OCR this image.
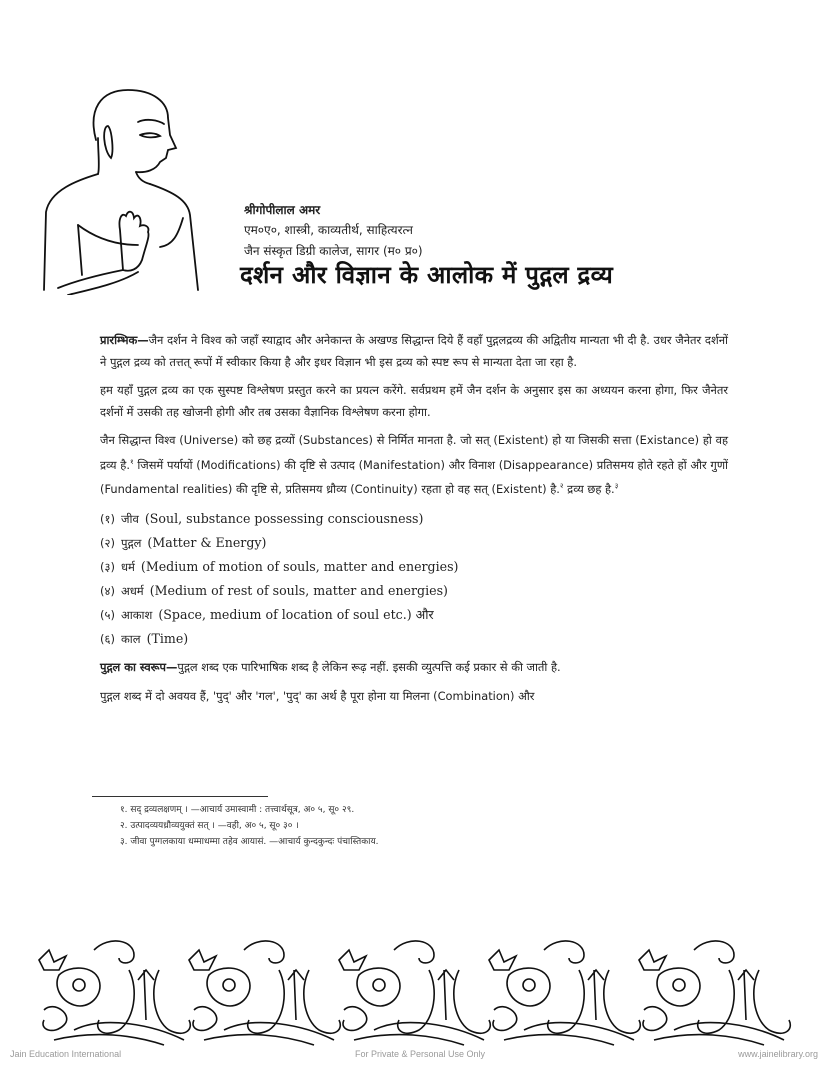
श्रीगोपीलाल अमर
एम०ए०, शास्त्री, काव्यतीर्थ, साहित्यरत्न
जैन संस्कृत डिग्री कालेज, सागर (म० प्र०)
दर्शन और विज्ञान के आलोक में पुद्गल द्रव्य

प्रारम्भिक—जैन दर्शन ने विश्व को जहाँ स्याद्वाद और अनेकान्त के अखण्ड सिद्धान्त दिये हैं वहाँ पुद्गलद्रव्य की अद्वितीय मान्यता भी दी है. उधर जैनेतर दर्शनों ने पुद्गल द्रव्य को तत्तत् रूपों में स्वीकार किया है और इधर विज्ञान भी इस द्रव्य को स्पष्ट रूप से मान्यता देता जा रहा है.

हम यहाँ पुद्गल द्रव्य का एक सुस्पष्ट विश्लेषण प्रस्तुत करने का प्रयत्न करेंगे. सर्वप्रथम हमें जैन दर्शन के अनुसार इस का अध्ययन करना होगा, फिर जैनेतर दर्शनों में उसकी तह खोजनी होगी और तब उसका वैज्ञानिक विश्लेषण करना होगा.

जैन सिद्धान्त विश्व (Universe) को छह द्रव्यों (Substances) से निर्मित मानता है. जो सत् (Existent) हो या जिसकी सत्ता (Existance) हो वह द्रव्य है.$^१$ जिसमें पर्यायों (Modifications) की दृष्टि से उत्पाद (Manifestation) और विनाश (Disappearance) प्रतिसमय होते रहते हों और गुणों (Fundamental realities) की दृष्टि से, प्रतिसमय ध्रौव्य (Continuity) रहता हो वह सत् (Existent) है.$^२$ द्रव्य छह है.$^३$

(१) जीव (Soul, substance possessing consciousness)
(२) पुद्गल (Matter & Energy)
(३) धर्म (Medium of motion of souls, matter and energies)
(४) अधर्म (Medium of rest of souls, matter and energies)
(५) आकाश (Space, medium of location of soul etc.) और
(६) काल (Time)

पुद्गल का स्वरूप—पुद्गल शब्द एक पारिभाषिक शब्द है लेकिन रूढ़ नहीं. इसकी व्युत्पत्ति कई प्रकार से की जाती है.

पुद्गल शब्द में दो अवयव हैं, 'पुद्' और 'गल', 'पुद्' का अर्थ है पूरा होना या मिलना (Combination) और

१. सद् द्रव्यलक्षणम् । —आचार्य उमास्वामी : तत्त्वार्थसूत्र, अ० ५, सू० २९.
२. उत्पादव्ययध्रौव्ययुक्तं सत् । —वही, अ० ५, सू० ३० ।
३. जीवा पुग्गलकाया धम्माधम्मा तहेव आयासं. —आचार्य कुन्दकुन्दः पंचास्तिकाय.
Jain Education International	For Private & Personal Use Only	www.jainelibrary.org
